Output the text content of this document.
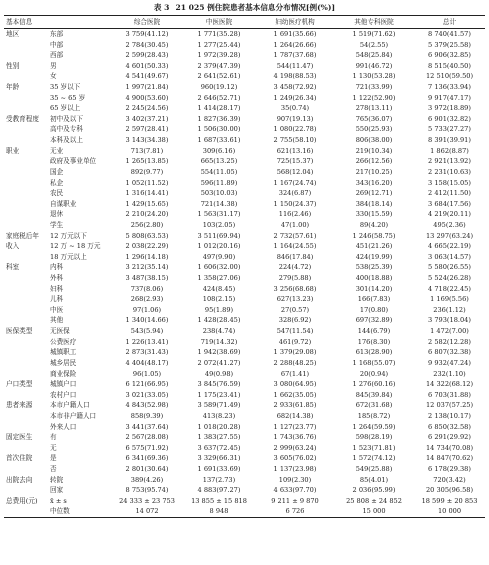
表 3 21 025 例住院患者基本信息分布情况[例(%)]
基本信息		综合医院	中医医院	妇幼医疗机构	其他专科医院	总计
地区	东部	3 759(41.12)	1 771(35.28)	1 691(35.66)	1 519(71.62)	8 740(41.57)
	中部	2 784(30.45)	1 277(25.44)	1 264(26.66)	54(2.55)	5 379(25.58)
	西部	2 599(28.43)	1 972(39.28)	1 787(37.68)	548(25.84)	6 906(32.85)
性别	男	4 601(50.33)	2 379(47.39)	544(11.47)	991(46.72)	8 515(40.50)
	女	4 541(49.67)	2 641(52.61)	4 198(88.53)	1 130(53.28)	12 510(59.50)
年龄	35 岁以下	1 997(21.84)	960(19.12)	3 458(72.92)	721(33.99)	7 136(33.94)
	35 ~ 65 岁	4 900(53.60)	2 646(52.71)	1 249(26.34)	1 122(52.90)	9 917(47.17)
	65 岁以上	2 245(24.56)	1 414(28.17)	35(0.74)	278(13.11)	3 972(18.89)
受教育程度	初中及以下	3 402(37.21)	1 827(36.39)	907(19.13)	765(36.07)	6 901(32.82)
	高中及专科	2 597(28.41)	1 506(30.00)	1 080(22.78)	550(25.93)	5 733(27.27)
	本科及以上	3 143(34.38)	1 687(33.61)	2 755(58.10)	806(38.00)	8 391(39.91)
职业	无业	713(7.81)	309(6.16)	621(13.16)	219(10.34)	1 862(8.87)
	政府及事业单位	1 265(13.85)	665(13.25)	725(15.37)	266(12.56)	2 921(13.92)
	国企	892(9.77)	554(11.05)	568(12.04)	217(10.25)	2 231(10.63)
	私企	1 052(11.52)	596(11.89)	1 167(24.74)	343(16.20)	3 158(15.05)
	农民	1 316(14.41)	503(10.03)	324(6.87)	269(12.71)	2 412(11.50)
	自谋职业	1 429(15.65)	721(14.38)	1 150(24.37)	384(18.14)	3 684(17.56)
	退休	2 210(24.20)	1 563(31.17)	116(2.46)	330(15.59)	4 219(20.11)
	学生	256(2.80)	103(2.05)	47(1.00)	89(4.20)	495(2.36)
家庭税后年	12 万元以下	5 808(63.53)	3 511(69.94)	2 732(57.61)	1 246(58.75)	13 297(63.24)
收入	12 万 ~ 18 万元	2 038(22.29)	1 012(20.16)	1 164(24.55)	451(21.26)	4 665(22.19)
	18 万元以上	1 296(14.18)	497(9.90)	846(17.84)	424(19.99)	3 063(14.57)
科室	内科	3 212(35.14)	1 606(32.00)	224(4.72)	538(25.39)	5 580(26.55)
	外科	3 487(38.15)	1 358(27.06)	279(5.88)	400(18.88)	5 524(26.28)
	妇科	737(8.06)	424(8.45)	3 256(68.68)	301(14.20)	4 718(22.45)
	儿科	268(2.93)	108(2.15)	627(13.23)	166(7.83)	1 169(5.56)
	中医	97(1.06)	95(1.89)	27(0.57)	17(0.80)	236(1.12)
	其他	1 340(14.66)	1 428(28.45)	328(6.92)	697(32.89)	3 793(18.04)
医保类型	无医保	543(5.94)	238(4.74)	547(11.54)	144(6.79)	1 472(7.00)
	公费医疗	1 226(13.41)	719(14.32)	461(9.72)	176(8.30)	2 582(12.28)
	城镇职工	2 873(31.43)	1 942(38.69)	1 379(29.08)	613(28.90)	6 807(32.38)
	城乡居民	4 404(48.17)	2 072(41.27)	2 288(48.25)	1 168(55.07)	9 932(47.24)
	商业保险	96(1.05)	49(0.98)	67(1.41)	20(0.94)	232(1.10)
户口类型	城镇户口	6 121(66.95)	3 845(76.59)	3 080(64.95)	1 276(60.16)	14 322(68.12)
	农村户口	3 021(33.05)	1 175(23.41)	1 662(35.05)	845(39.84)	6 703(31.88)
患者来源	本市户籍人口	4 843(52.98)	3 589(71.49)	2 933(61.85)	672(31.68)	12 037(57.25)
	本市非户籍人口	858(9.39)	413(8.23)	682(14.38)	185(8.72)	2 138(10.17)
	外来人口	3 441(37.64)	1 018(20.28)	1 127(23.77)	1 264(59.59)	6 850(32.58)
固定医生	有	2 567(28.08)	1 383(27.55)	1 743(36.76)	598(28.19)	6 291(29.92)
	无	6 575(71.92)	3 637(72.45)	2 999(63.24)	1 523(71.81)	14 734(70.08)
首次住院	是	6 341(69.36)	3 329(66.31)	3 605(76.02)	1 572(74.12)	14 847(70.62)
	否	2 801(30.64)	1 691(33.69)	1 137(23.98)	549(25.88)	6 178(29.38)
出院去向	转院	389(4.26)	137(2.73)	109(2.30)	85(4.01)	720(3.42)
	回家	8 753(95.74)	4 883(97.27)	4 633(97.70)	2 036(95.99)	20 305(96.58)
总费用(元)	x̄ ± s	24 333 ± 23 753	13 855 ± 15 818	9 211 ± 9 870	25 808 ± 24 852	18 599 ± 20 853
	中位数	14 072	8 948	6 726	15 000	10 000
